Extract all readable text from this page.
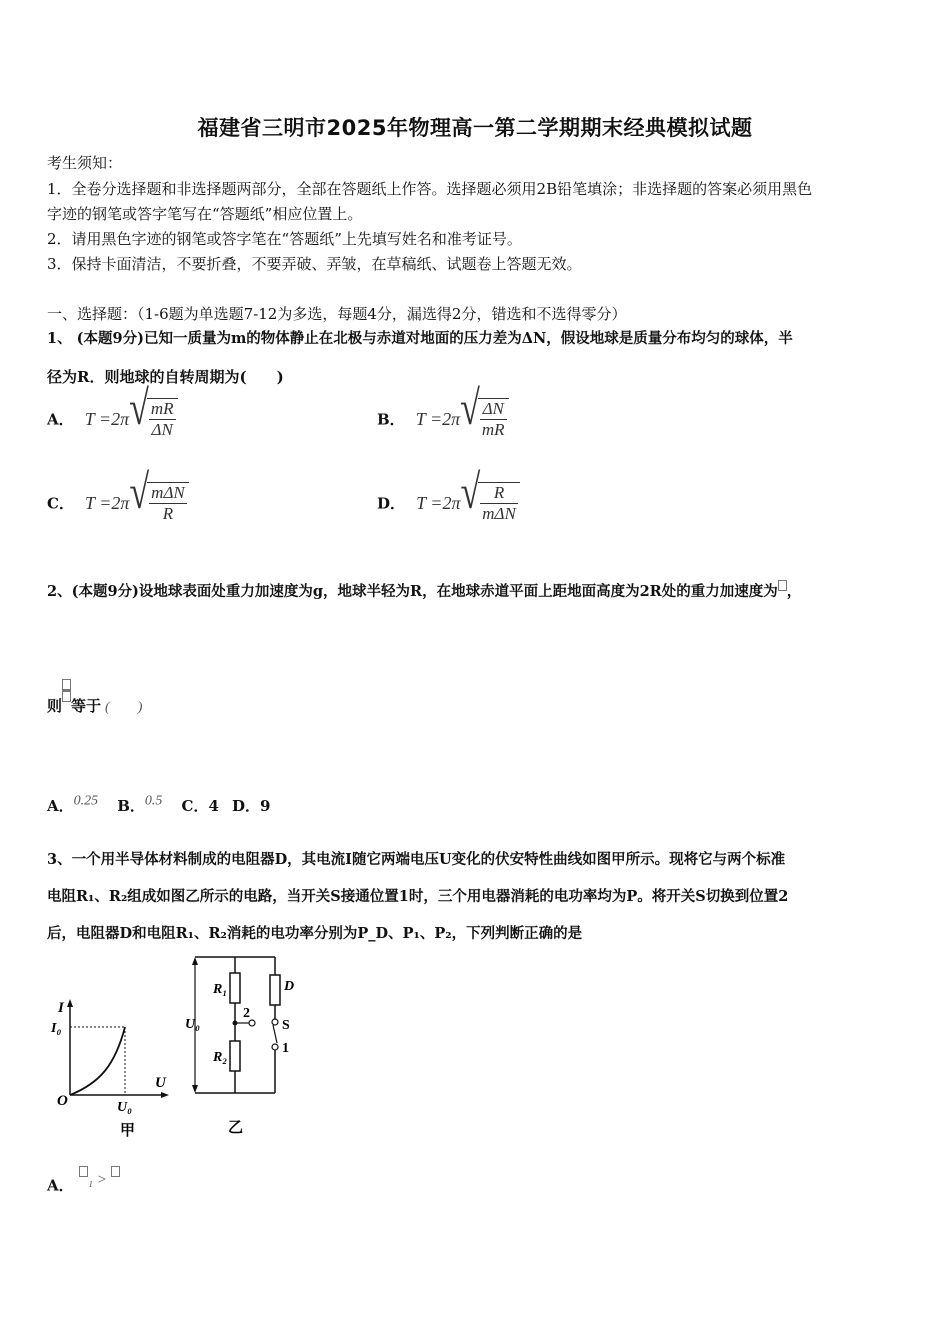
福建省三明市2025年物理高一第二学期期末经典模拟试题
考生须知：
1．全卷分选择题和非选择题两部分，全部在答题纸上作答。选择题必须用2B铅笔填涂；非选择题的答案必须用黑色
字迹的钢笔或答字笔写在“答题纸”相应位置上。
2．请用黑色字迹的钢笔或答字笔在“答题纸”上先填写姓名和准考证号。
3．保持卡面清洁，不要折叠，不要弄破、弄皱，在草稿纸、试题卷上答题无效。
一、选择题：（1-6题为单选题7-12为多选，每题4分，漏选得2分，错选和不选得零分）
1、 (本题9分)已知一质量为m的物体静止在北极与赤道对地面的压力差为ΔN，假设地球是质量分布均匀的球体，半
径为R．则地球的自转周期为(　　)
A． T =2π √ $\frac{mR}{\Delta N}$	B． T =2π √ $\frac{\Delta N}{mR}$
C． T =2π √ $\frac{\text{mΔN}}{R}$	D． T =2π √ $\frac{R}{\text{mΔN}}$
2、(本题9分)设地球表面处重力加速度为g，地球半轻为R，在地球赤道平面上距地面高度为2R处的重力加速度为 ，
则 等于 (　　)
A．0.25 B．0.5 C．4 D．9
3、一个用半导体材料制成的电阻器D，其电流I随它两端电压U变化的伏安特性曲线如图甲所示。现将它与两个标准
电阻R₁、R₂组成如图乙所示的电路，当开关S接通位置1时，三个用电器消耗的电功率均为P。将开关S切换到位置2
后，电阻器D和电阻R₁、R₂消耗的电功率分别为P_D、P₁、P₂，下列判断正确的是
I
U
O
I₀
U₀
甲
U₀
R₁
R₂
D
S
1
2
乙
A． ₁ >
